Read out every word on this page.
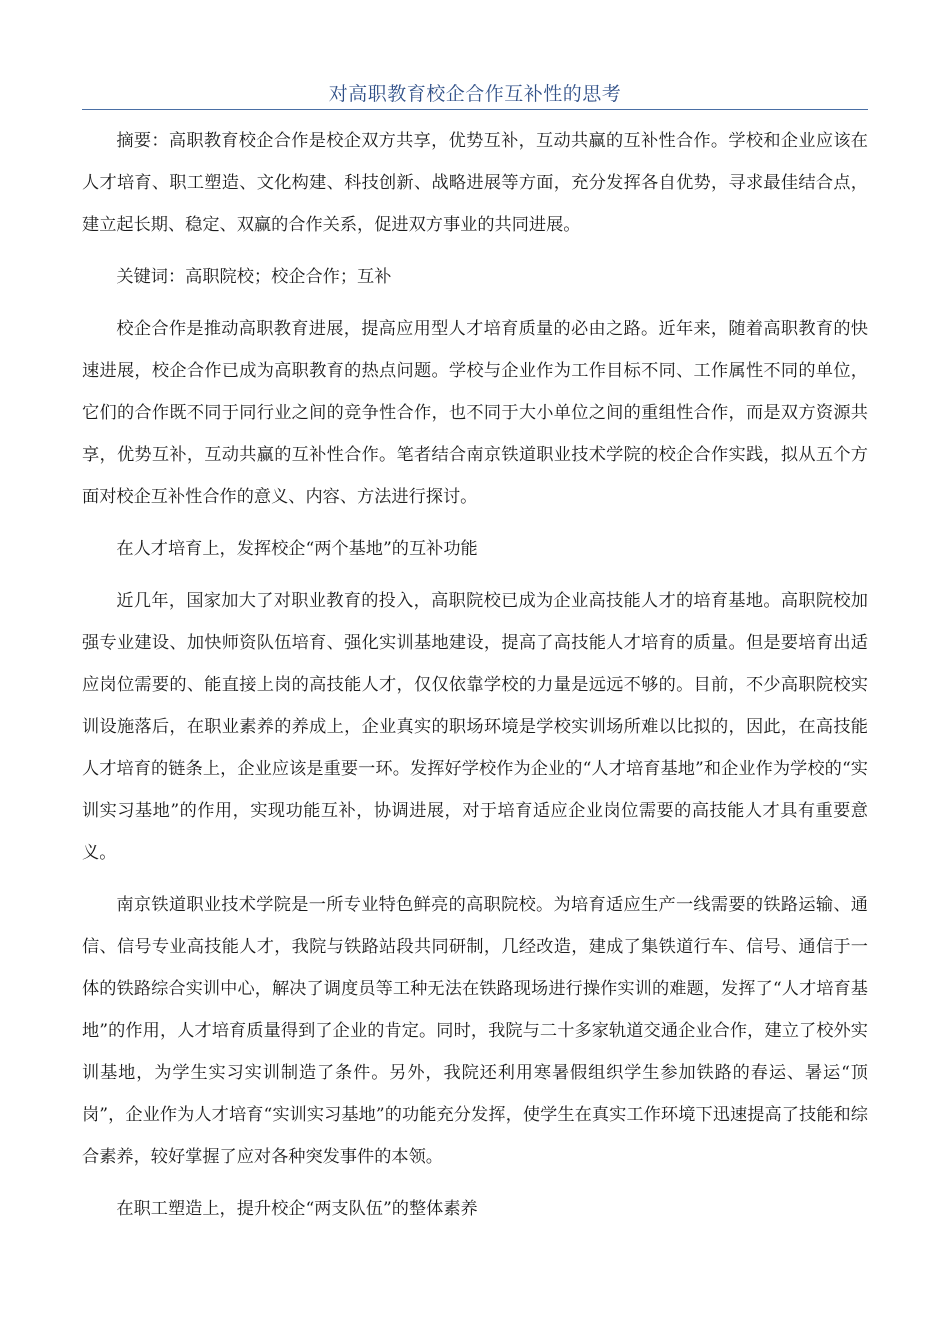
对高职教育校企合作互补性的思考

摘要：高职教育校企合作是校企双方共享，优势互补，互动共赢的互补性合作。学校和企业应该在人才培育、职工塑造、文化构建、科技创新、战略进展等方面，充分发挥各自优势，寻求最佳结合点，建立起长期、稳定、双赢的合作关系，促进双方事业的共同进展。

关键词：高职院校；校企合作；互补

校企合作是推动高职教育进展，提高应用型人才培育质量的必由之路。近年来，随着高职教育的快速进展，校企合作已成为高职教育的热点问题。学校与企业作为工作目标不同、工作属性不同的单位，它们的合作既不同于同行业之间的竞争性合作，也不同于大小单位之间的重组性合作，而是双方资源共享，优势互补，互动共赢的互补性合作。笔者结合南京铁道职业技术学院的校企合作实践，拟从五个方面对校企互补性合作的意义、内容、方法进行探讨。

在人才培育上，发挥校企“两个基地”的互补功能

近几年，国家加大了对职业教育的投入，高职院校已成为企业高技能人才的培育基地。高职院校加强专业建设、加快师资队伍培育、强化实训基地建设，提高了高技能人才培育的质量。但是要培育出适应岗位需要的、能直接上岗的高技能人才，仅仅依靠学校的力量是远远不够的。目前，不少高职院校实训设施落后，在职业素养的养成上，企业真实的职场环境是学校实训场所难以比拟的，因此，在高技能人才培育的链条上，企业应该是重要一环。发挥好学校作为企业的“人才培育基地”和企业作为学校的“实训实习基地”的作用，实现功能互补，协调进展，对于培育适应企业岗位需要的高技能人才具有重要意义。

南京铁道职业技术学院是一所专业特色鲜亮的高职院校。为培育适应生产一线需要的铁路运输、通信、信号专业高技能人才，我院与铁路站段共同研制，几经改造，建成了集铁道行车、信号、通信于一体的铁路综合实训中心，解决了调度员等工种无法在铁路现场进行操作实训的难题，发挥了“人才培育基地”的作用，人才培育质量得到了企业的肯定。同时，我院与二十多家轨道交通企业合作，建立了校外实训基地，为学生实习实训制造了条件。另外，我院还利用寒暑假组织学生参加铁路的春运、暑运“顶岗”，企业作为人才培育“实训实习基地”的功能充分发挥，使学生在真实工作环境下迅速提高了技能和综合素养，较好掌握了应对各种突发事件的本领。

在职工塑造上，提升校企“两支队伍”的整体素养
